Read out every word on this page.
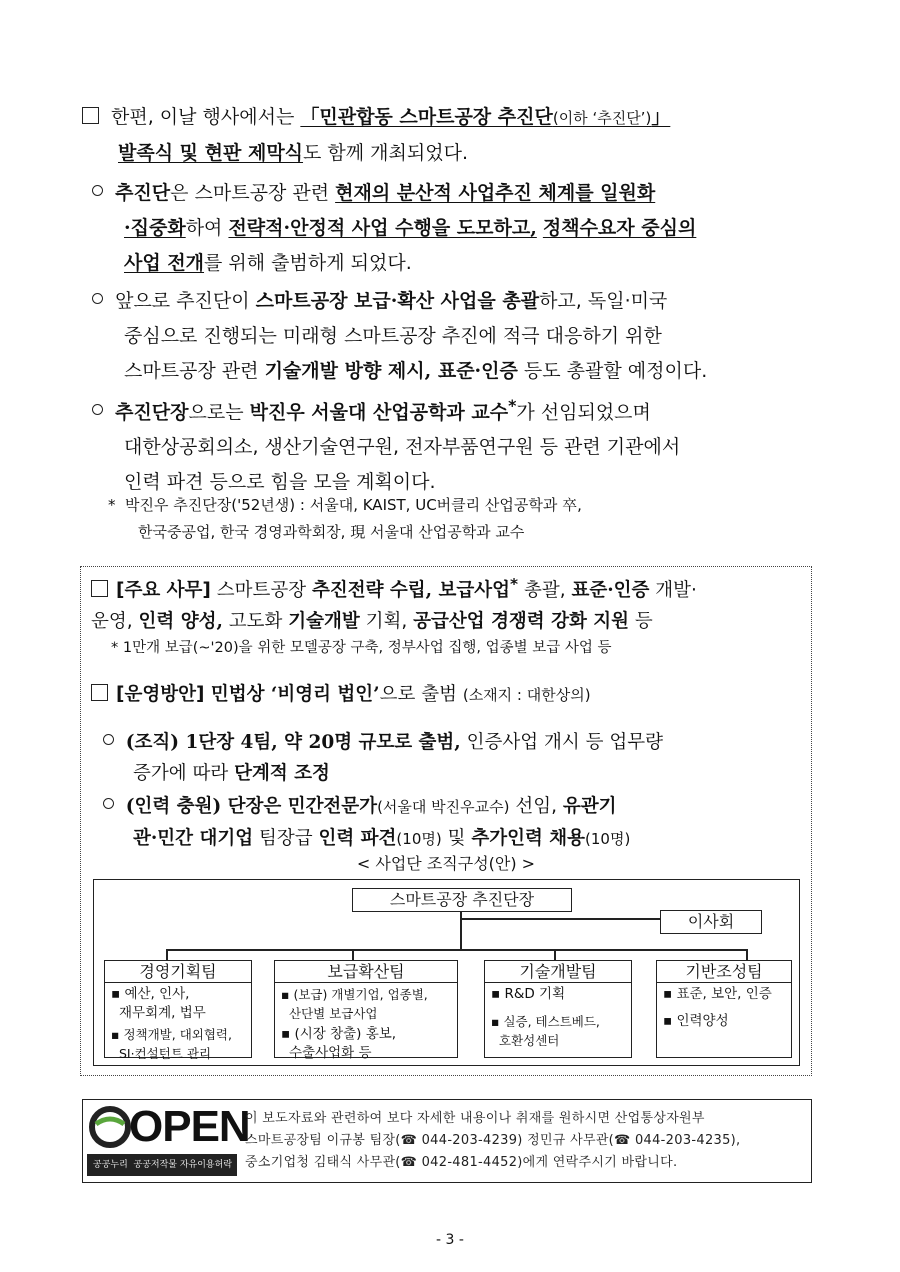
한편, 이날 행사에서는 「민관합동 스마트공장 추진단(이하 ‘추진단’)」
발족식 및 현판 제막식도 함께 개최되었다.
추진단은 스마트공장 관련 현재의 분산적 사업추진 체계를 일원화
·집중화하여 전략적·안정적 사업 수행을 도모하고, 정책수요자 중심의
사업 전개를 위해 출범하게 되었다.
앞으로 추진단이 스마트공장 보급·확산 사업을 총괄하고, 독일·미국
중심으로 진행되는 미래형 스마트공장 추진에 적극 대응하기 위한
스마트공장 관련 기술개발 방향 제시, 표준·인증 등도 총괄할 예정이다.
추진단장으로는 박진우 서울대 산업공학과 교수*가 선임되었으며
대한상공회의소, 생산기술연구원, 전자부품연구원 등 관련 기관에서
인력 파견 등으로 힘을 모을 계획이다.
* 박진우 추진단장('52년생) : 서울대, KAIST, UC버클리 산업공학과 卒,
한국중공업, 한국 경영과학회장, 現 서울대 산업공학과 교수
[주요 사무] 스마트공장 추진전략 수립, 보급사업* 총괄, 표준·인증 개발·
운영, 인력 양성, 고도화 기술개발 기획, 공급산업 경쟁력 강화 지원 등
* 1만개 보급(~'20)을 위한 모델공장 구축, 정부사업 집행, 업종별 보급 사업 등
[운영방안] 민법상 ‘비영리 법인’으로 출범 (소재지 : 대한상의)
(조직) 1단장 4팀, 약 20명 규모로 출범, 인증사업 개시 등 업무량
증가에 따라 단계적 조정
(인력 충원) 단장은 민간전문가(서울대 박진우교수) 선임, 유관기
관·민간 대기업 팀장급 인력 파견(10명) 및 추가인력 채용(10명)
< 사업단 조직구성(안) >
스마트공장 추진단장
이사회
경영기획팀
▪ 예산, 인사,
재무회계, 법무
▪ 정책개발, 대외협력,
SI·컨설턴트 관리
보급확산팀
▪ (보급) 개별기업, 업종별,
산단별 보급사업
▪ (시장 창출) 홍보,
수출사업화 등
기술개발팀
▪ R&D 기획
▪ 실증, 테스트베드,
호환성센터
기반조성팀
▪ 표준, 보안, 인증
▪ 인력양성
OPEN
공공누리 공공저작물 자유이용허락
이 보도자료와 관련하여 보다 자세한 내용이나 취재를 원하시면 산업통상자원부
스마트공장팀 이규봉 팀장(☎ 044-203-4239) 정민규 사무관(☎ 044-203-4235),
중소기업청 김태식 사무관(☎ 042-481-4452)에게 연락주시기 바랍니다.
- 3 -
